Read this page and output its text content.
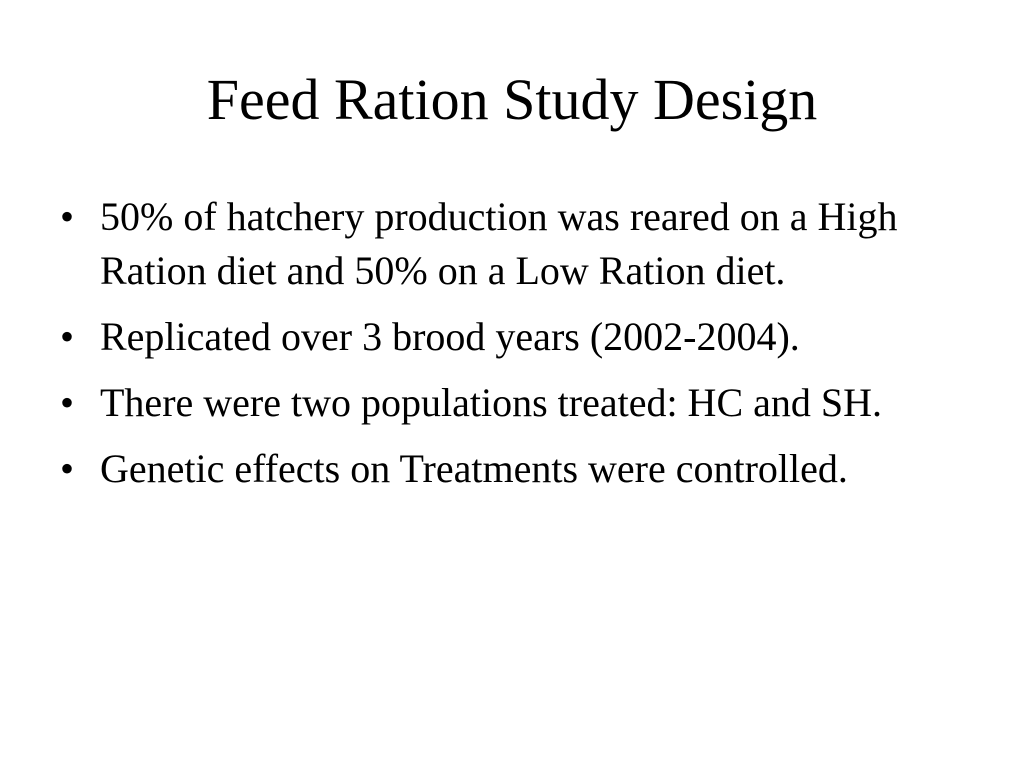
Feed Ration Study Design
• 50% of hatchery production was reared on a High Ration diet and 50% on a Low Ration diet.
• Replicated over 3 brood years (2002-2004).
• There were two populations treated: HC and SH.
• Genetic effects on Treatments were controlled.
